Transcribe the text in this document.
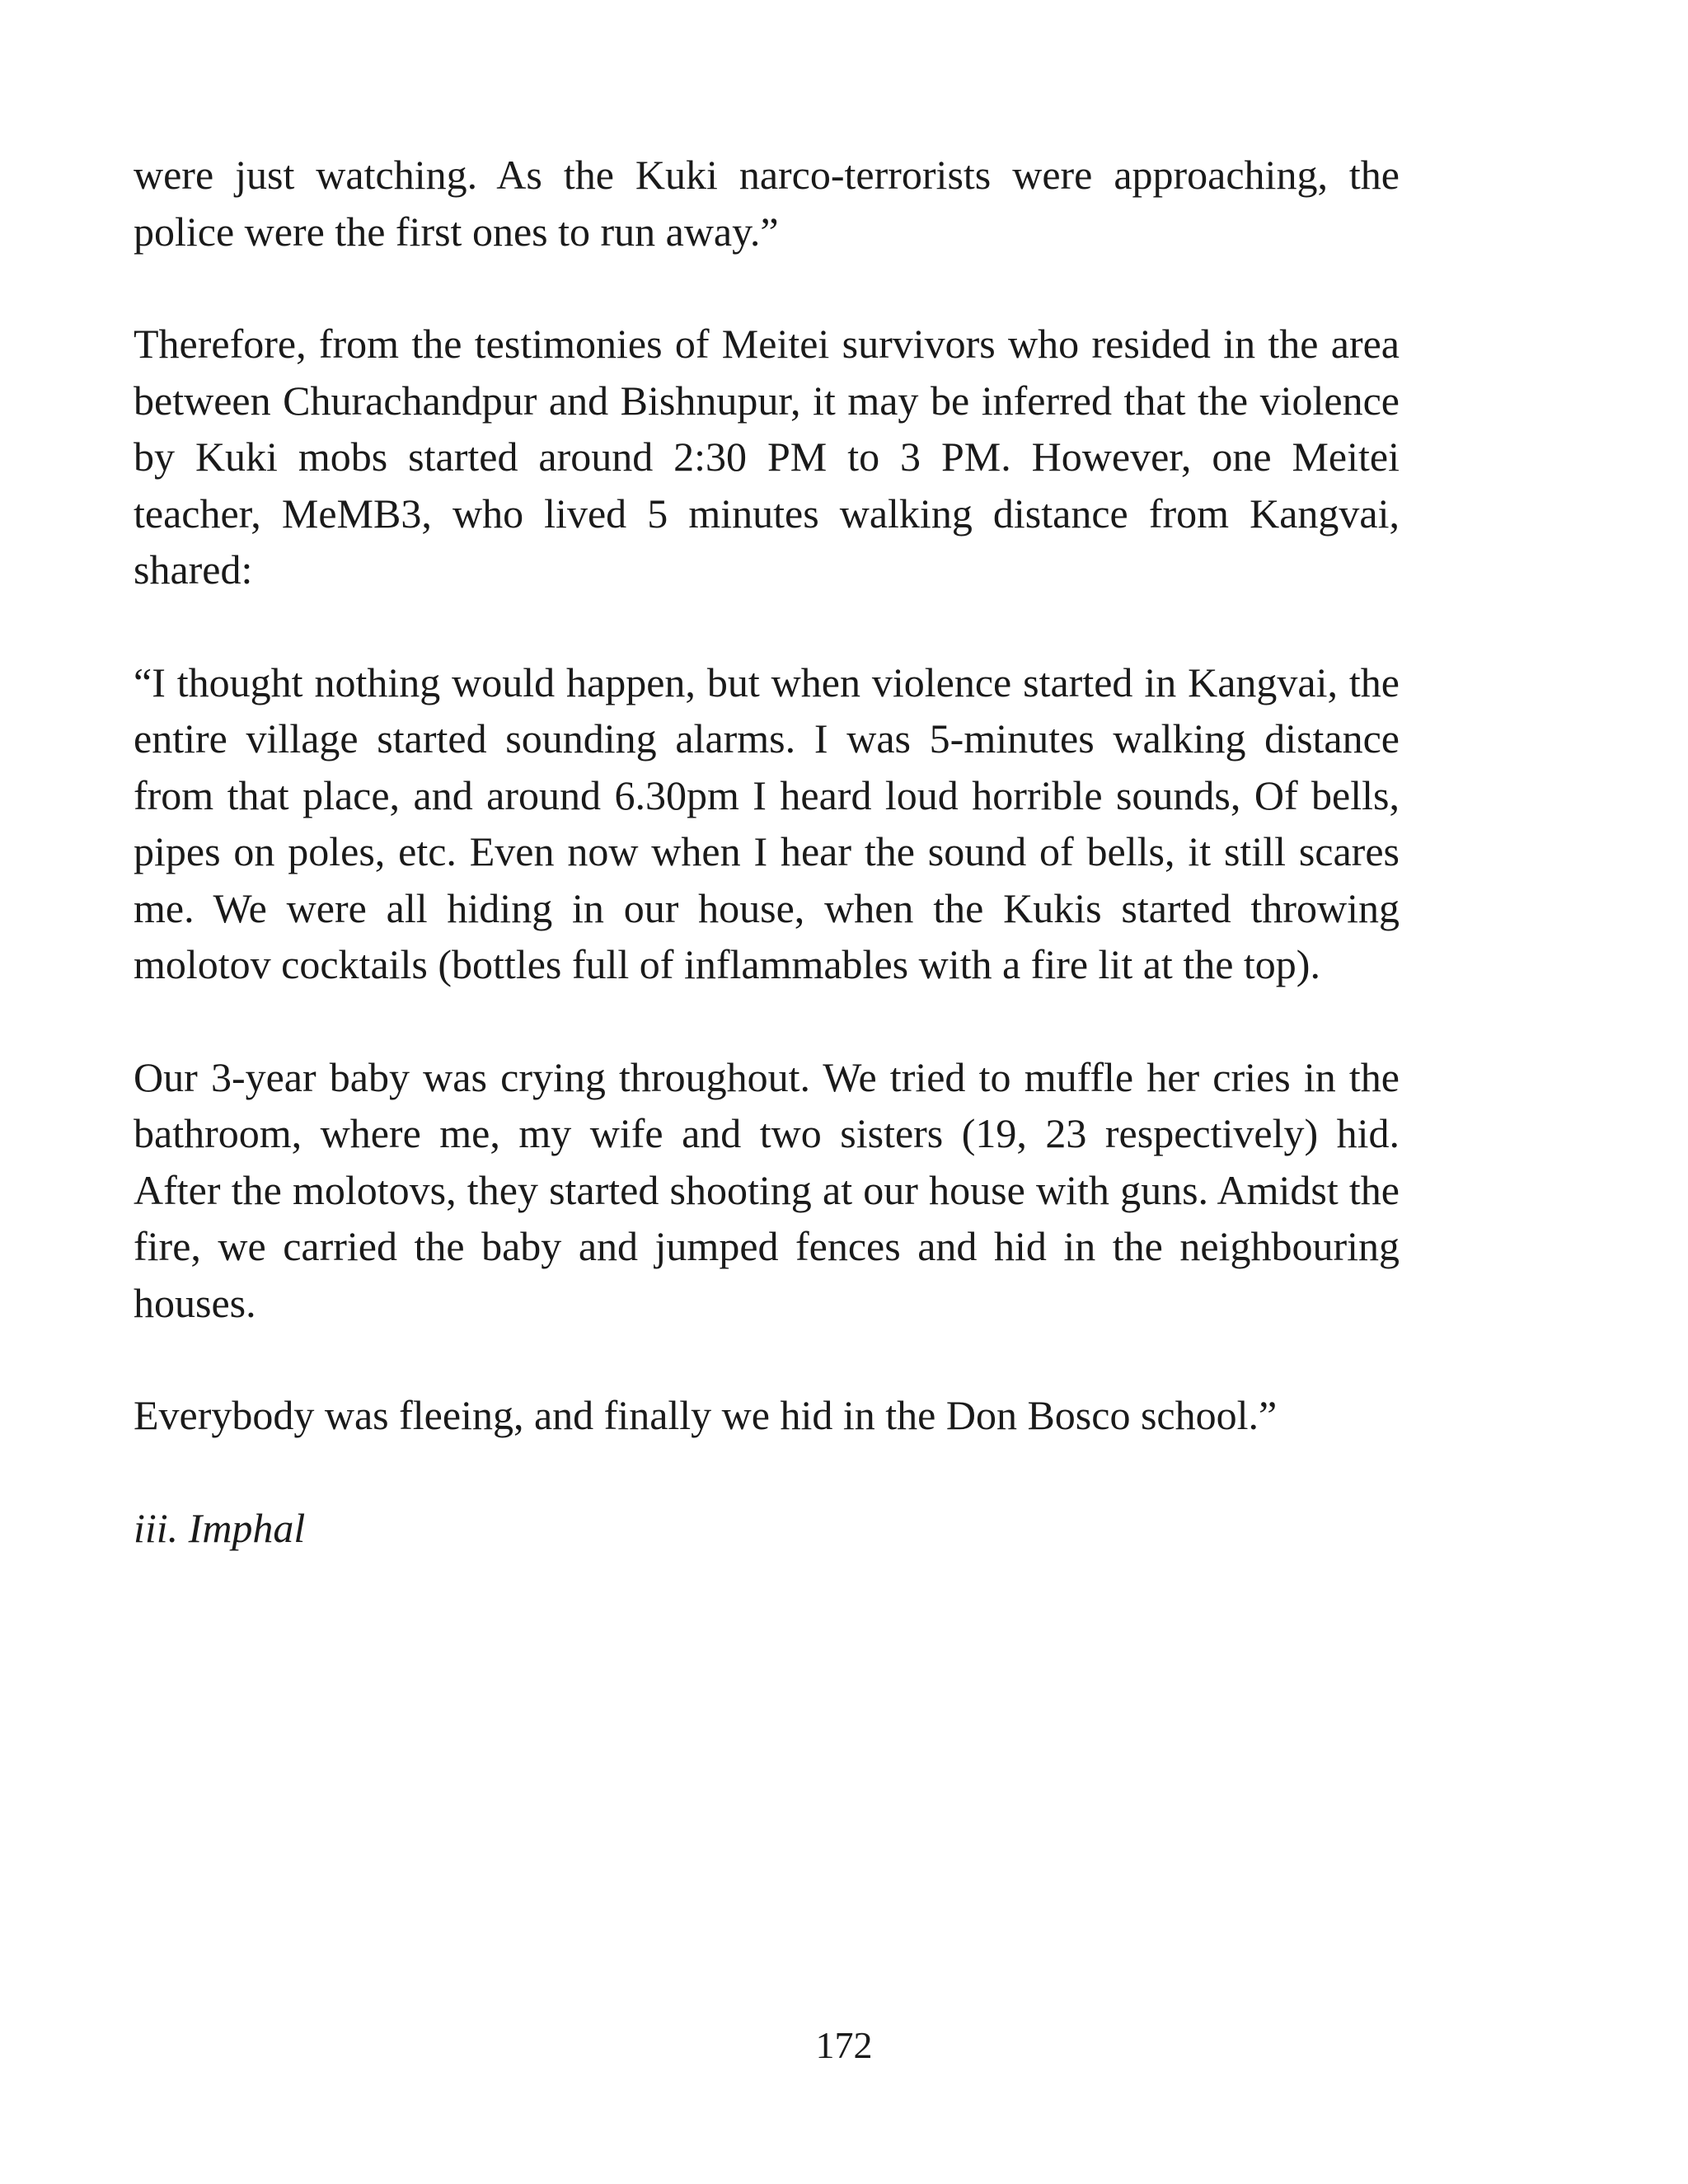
were just watching. As the Kuki narco-terrorists were approaching, the police were the first ones to run away.”

Therefore, from the testimonies of Meitei survivors who resided in the area between Churachandpur and Bishnupur, it may be inferred that the violence by Kuki mobs started around 2:30 PM to 3 PM. However, one Meitei teacher, MeMB3, who lived 5 minutes walking distance from Kangvai, shared:

“I thought nothing would happen, but when violence started in Kangvai, the entire village started sounding alarms. I was 5-minutes walking distance from that place, and around 6.30pm I heard loud horrible sounds, Of bells, pipes on poles, etc. Even now when I hear the sound of bells, it still scares me. We were all hiding in our house, when the Kukis started throwing molotov cocktails (bottles full of inflammables with a fire lit at the top).

Our 3-year baby was crying throughout. We tried to muffle her cries in the bathroom, where me, my wife and two sisters (19, 23 respectively) hid. After the molotovs, they started shooting at our house with guns. Amidst the fire, we carried the baby and jumped fences and hid in the neighbouring houses.

Everybody was fleeing, and finally we hid in the Don Bosco school.”

iii. Imphal

172
